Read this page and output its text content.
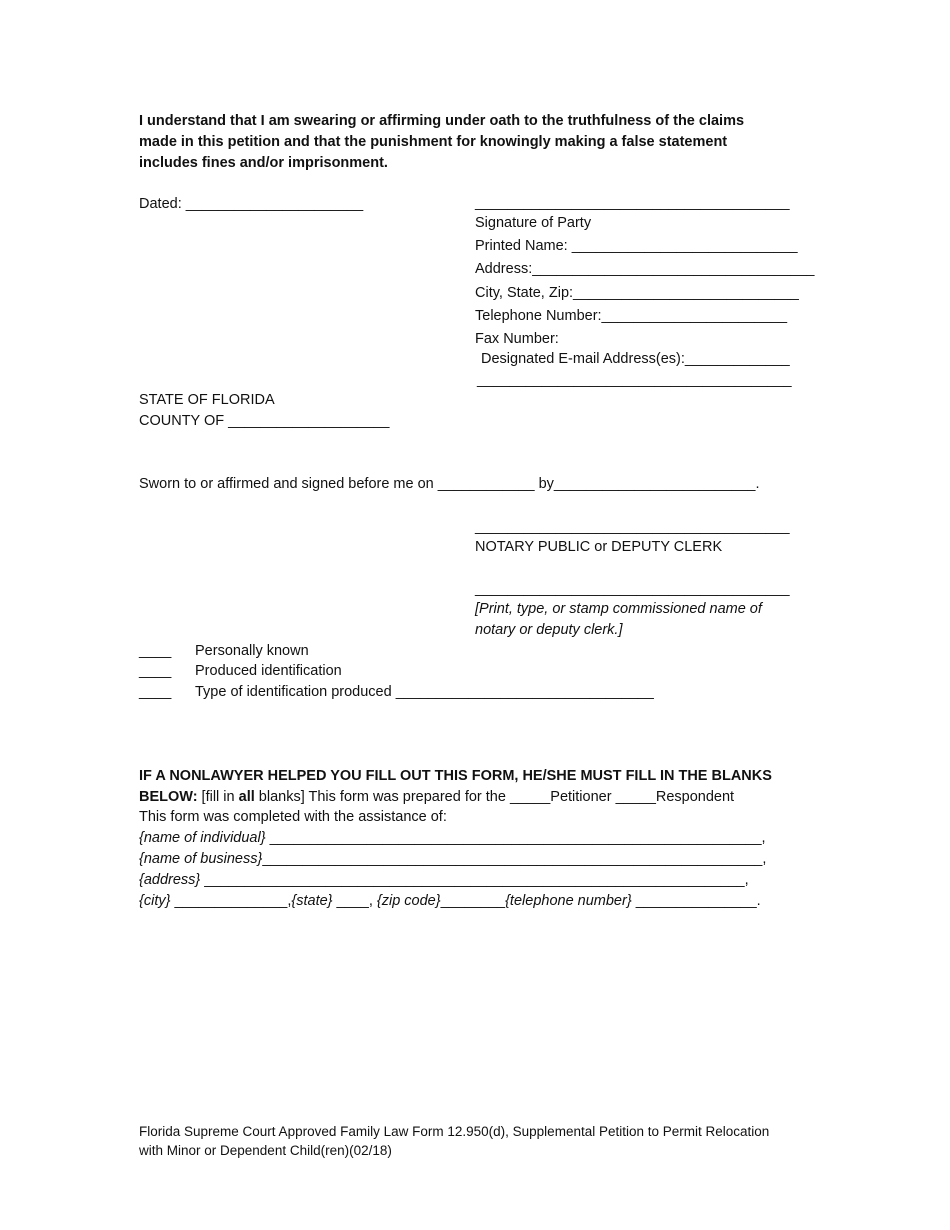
I understand that I am swearing or affirming under oath to the truthfulness of the claims
made in this petition and that the punishment for knowingly making a false statement
includes fines and/or imprisonment.
Dated: ______________________	_______________________________________
Signature of Party
Printed Name: ____________________________
Address:___________________________________
City, State, Zip:____________________________
Telephone Number:_______________________
Fax Number:
Designated E-mail Address(es):_____________
_______________________________________
STATE OF FLORIDA
COUNTY OF ____________________
Sworn to or affirmed and signed before me on ____________ by_________________________.
_______________________________________
NOTARY PUBLIC or DEPUTY CLERK
_______________________________________
[Print, type, or stamp commissioned name of
notary or deputy clerk.]
____ Personally known
____ Produced identification
____ Type of identification produced ________________________________
IF A NONLAWYER HELPED YOU FILL OUT THIS FORM, HE/SHE MUST FILL IN THE BLANKS
BELOW: [fill in all blanks] This form was prepared for the _____Petitioner _____Respondent
This form was completed with the assistance of:
{name of individual} _____________________________________________________________,
{name of business}______________________________________________________________,
{address} ___________________________________________________________________,
{city} ______________,{state} ____, {zip code}________{telephone number} _______________.
Florida Supreme Court Approved Family Law Form 12.950(d), Supplemental Petition to Permit Relocation
with Minor or Dependent Child(ren)(02/18)
